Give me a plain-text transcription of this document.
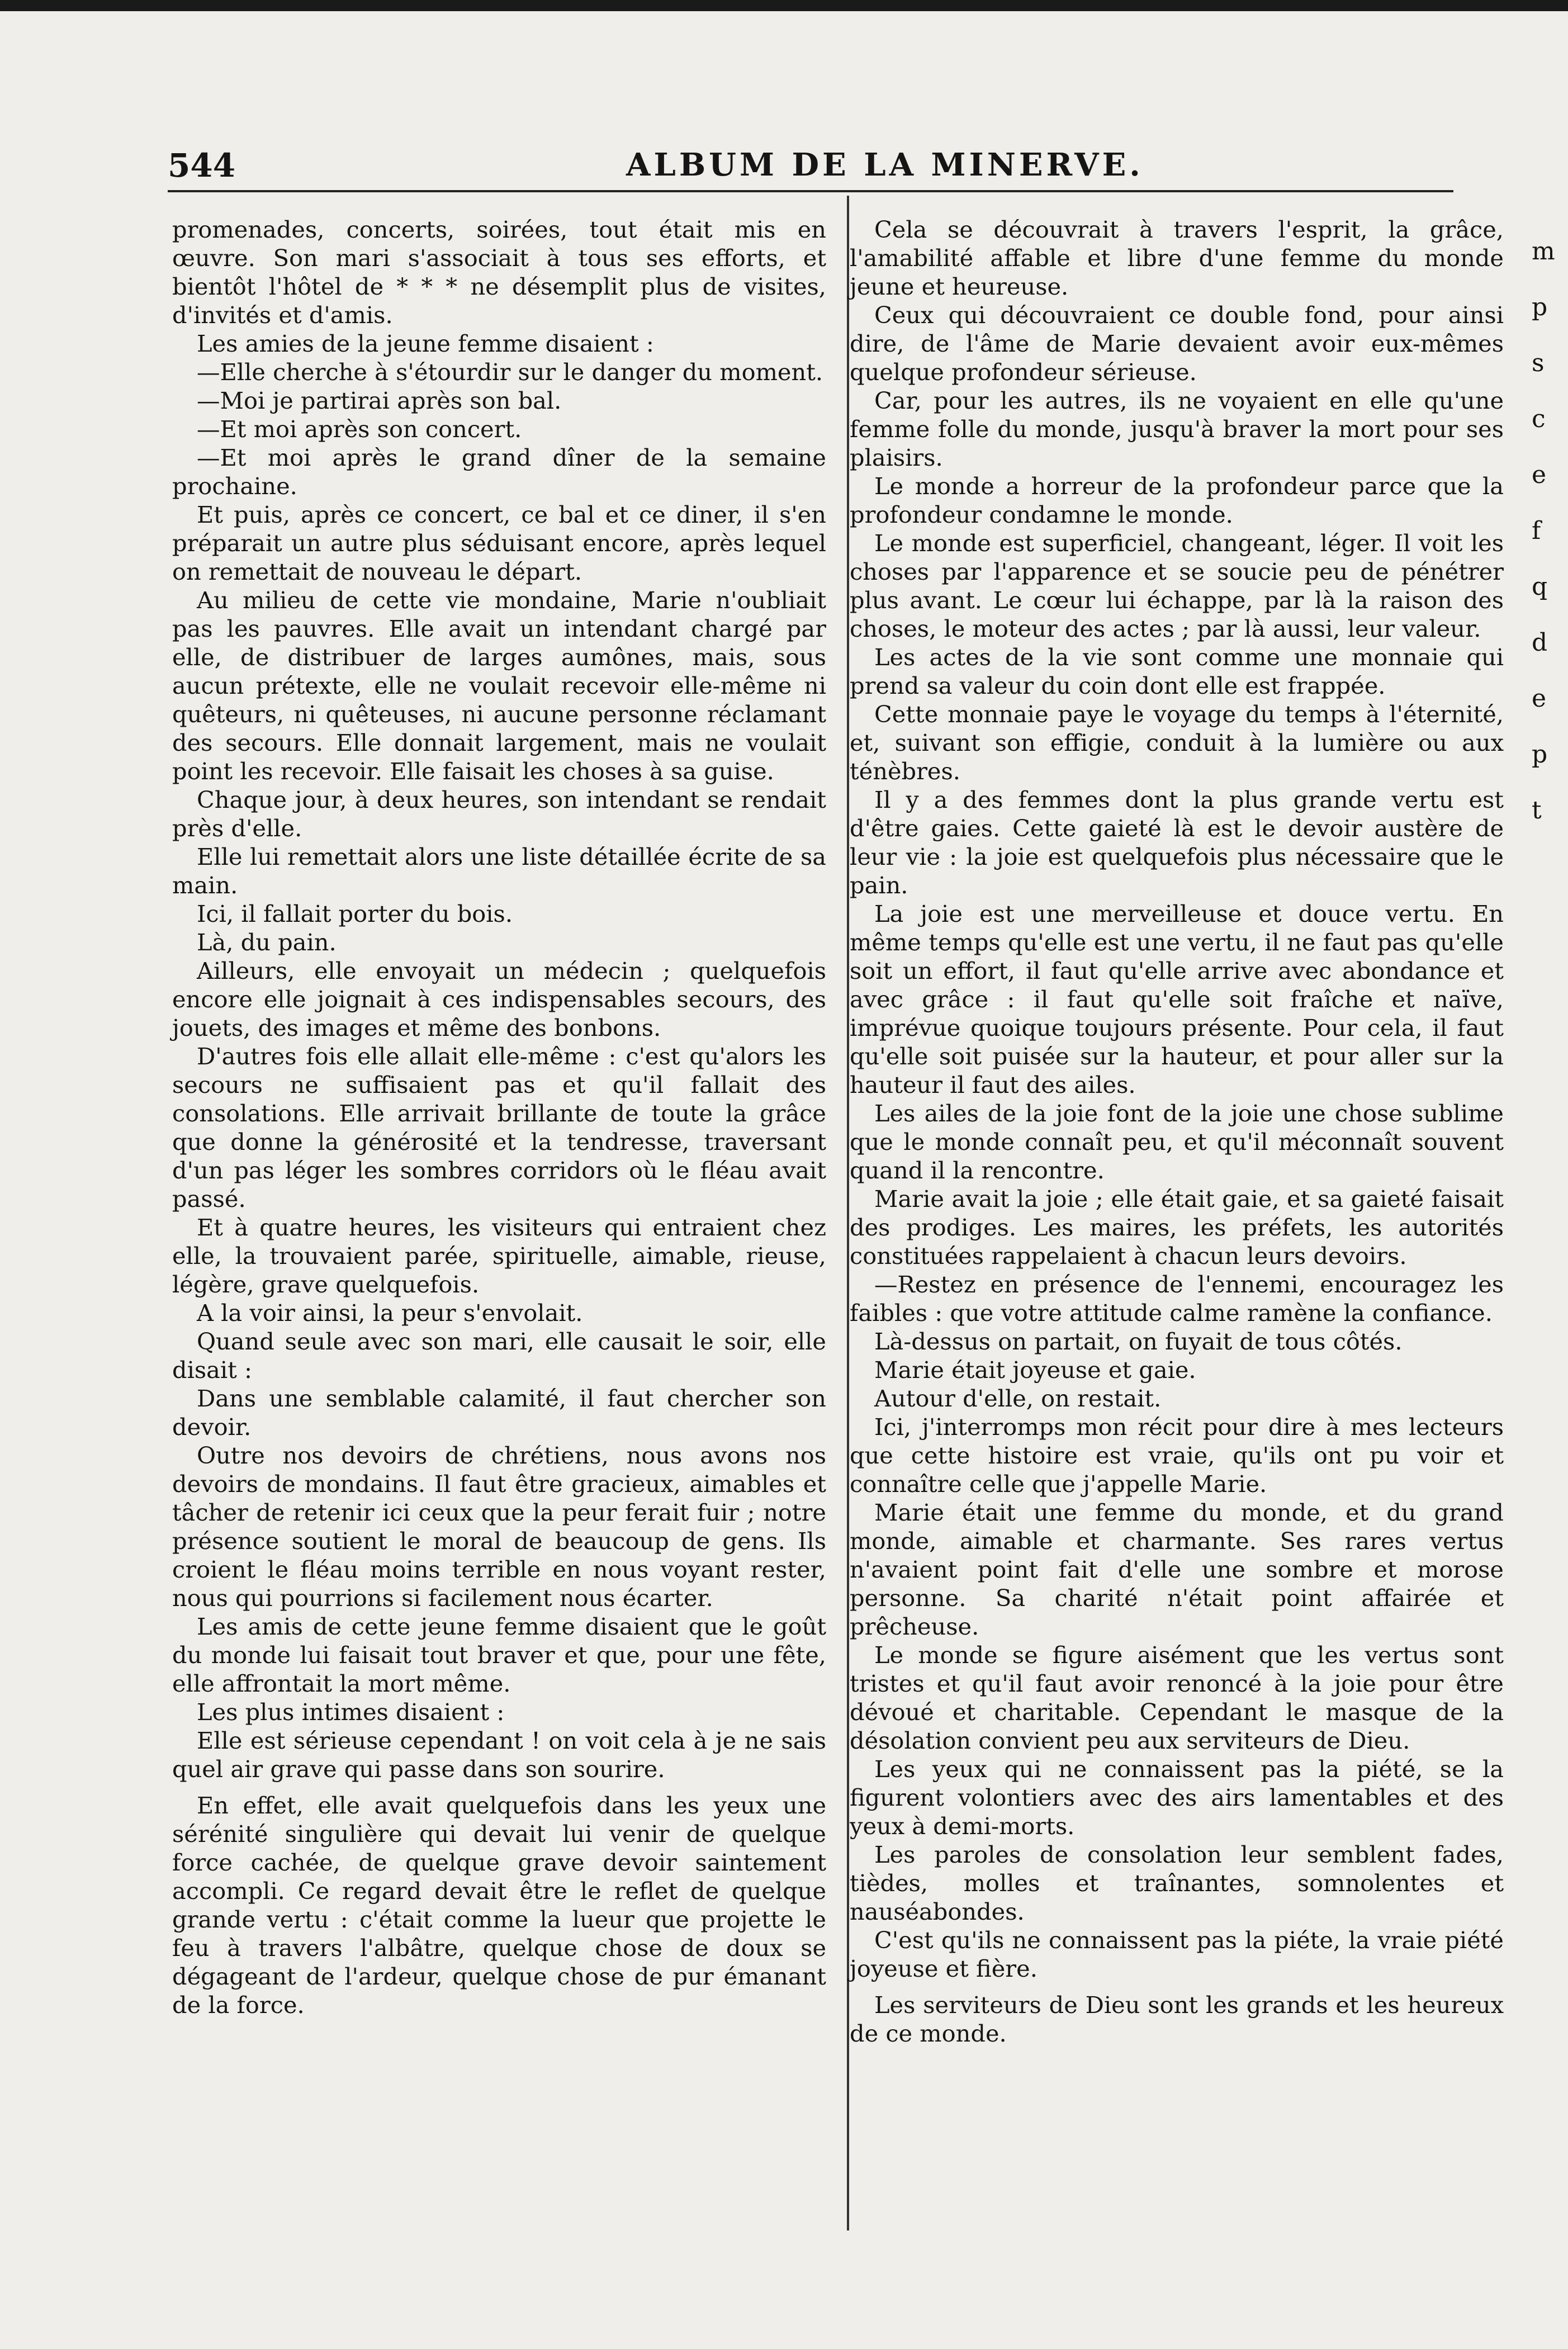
544	ALBUM DE LA MINERVE.

promenades, concerts, soirées, tout était mis en œuvre. Son mari s'associait à tous ses efforts, et bientôt l'hôtel de * * * ne désemplit plus de visites, d'invités et d'amis.

Les amies de la jeune femme disaient :

—Elle cherche à s'étourdir sur le danger du moment.

—Moi je partirai après son bal.

—Et moi après son concert.

—Et moi après le grand dîner de la semaine prochaine.

Et puis, après ce concert, ce bal et ce diner, il s'en préparait un autre plus séduisant encore, après lequel on remettait de nouveau le départ.

Au milieu de cette vie mondaine, Marie n'oubliait pas les pauvres. Elle avait un intendant chargé par elle, de distribuer de larges aumônes, mais, sous aucun prétexte, elle ne voulait recevoir elle-même ni quêteurs, ni quêteuses, ni aucune personne réclamant des secours. Elle donnait largement, mais ne voulait point les recevoir. Elle faisait les choses à sa guise.

Chaque jour, à deux heures, son intendant se rendait près d'elle.

Elle lui remettait alors une liste détaillée écrite de sa main.

Ici, il fallait porter du bois.

Là, du pain.

Ailleurs, elle envoyait un médecin ; quelquefois encore elle joignait à ces indispensables secours, des jouets, des images et même des bonbons.

D'autres fois elle allait elle-même : c'est qu'alors les secours ne suffisaient pas et qu'il fallait des consolations. Elle arrivait brillante de toute la grâce que donne la générosité et la tendresse, traversant d'un pas léger les sombres corridors où le fléau avait passé.

Et à quatre heures, les visiteurs qui entraient chez elle, la trouvaient parée, spirituelle, aimable, rieuse, légère, grave quelquefois.

A la voir ainsi, la peur s'envolait.

Quand seule avec son mari, elle causait le soir, elle disait :

Dans une semblable calamité, il faut chercher son devoir.

Outre nos devoirs de chrétiens, nous avons nos devoirs de mondains. Il faut être gracieux, aimables et tâcher de retenir ici ceux que la peur ferait fuir ; notre présence soutient le moral de beaucoup de gens. Ils croient le fléau moins terrible en nous voyant rester, nous qui pourrions si facilement nous écarter.

Les amis de cette jeune femme disaient que le goût du monde lui faisait tout braver et que, pour une fête, elle affrontait la mort même.

Les plus intimes disaient :

Elle est sérieuse cependant ! on voit cela à je ne sais quel air grave qui passe dans son sourire.

En effet, elle avait quelquefois dans les yeux une sérénité singulière qui devait lui venir de quelque force cachée, de quelque grave devoir saintement accompli. Ce regard devait être le reflet de quelque grande vertu : c'était comme la lueur que projette le feu à travers l'albâtre, quelque chose de doux se dégageant de l'ardeur, quelque chose de pur émanant de la force.

Cela se découvrait à travers l'esprit, la grâce, l'amabilité affable et libre d'une femme du monde jeune et heureuse.

Ceux qui découvraient ce double fond, pour ainsi dire, de l'âme de Marie devaient avoir eux-mêmes quelque profondeur sérieuse.

Car, pour les autres, ils ne voyaient en elle qu'une femme folle du monde, jusqu'à braver la mort pour ses plaisirs.

Le monde a horreur de la profondeur parce que la profondeur condamne le monde.

Le monde est superficiel, changeant, léger. Il voit les choses par l'apparence et se soucie peu de pénétrer plus avant. Le cœur lui échappe, par là la raison des choses, le moteur des actes ; par là aussi, leur valeur.

Les actes de la vie sont comme une monnaie qui prend sa valeur du coin dont elle est frappée.

Cette monnaie paye le voyage du temps à l'éternité, et, suivant son effigie, conduit à la lumière ou aux ténèbres.

Il y a des femmes dont la plus grande vertu est d'être gaies. Cette gaieté là est le devoir austère de leur vie : la joie est quelquefois plus nécessaire que le pain.

La joie est une merveilleuse et douce vertu. En même temps qu'elle est une vertu, il ne faut pas qu'elle soit un effort, il faut qu'elle arrive avec abondance et avec grâce : il faut qu'elle soit fraîche et naïve, imprévue quoique toujours présente. Pour cela, il faut qu'elle soit puisée sur la hauteur, et pour aller sur la hauteur il faut des ailes.

Les ailes de la joie font de la joie une chose sublime que le monde connaît peu, et qu'il méconnaît souvent quand il la rencontre.

Marie avait la joie ; elle était gaie, et sa gaieté faisait des prodiges. Les maires, les préfets, les autorités constituées rappelaient à chacun leurs devoirs.

—Restez en présence de l'ennemi, encouragez les faibles : que votre attitude calme ramène la confiance.

Là-dessus on partait, on fuyait de tous côtés.

Marie était joyeuse et gaie.

Autour d'elle, on restait.

Ici, j'interromps mon récit pour dire à mes lecteurs que cette histoire est vraie, qu'ils ont pu voir et connaître celle que j'appelle Marie.

Marie était une femme du monde, et du grand monde, aimable et charmante. Ses rares vertus n'avaient point fait d'elle une sombre et morose personne. Sa charité n'était point affairée et prêcheuse.

Le monde se figure aisément que les vertus sont tristes et qu'il faut avoir renoncé à la joie pour être dévoué et charitable. Cependant le masque de la désolation convient peu aux serviteurs de Dieu.

Les yeux qui ne connaissent pas la piété, se la figurent volontiers avec des airs lamentables et des yeux à demi-morts.

Les paroles de consolation leur semblent fades, tièdes, molles et traînantes, somnolentes et nauséabondes.

C'est qu'ils ne connaissent pas la piéte, la vraie piété joyeuse et fière.

Les serviteurs de Dieu sont les grands et les heureux de ce monde.

m
p
s
c
e
f
q
d
e
p
t
